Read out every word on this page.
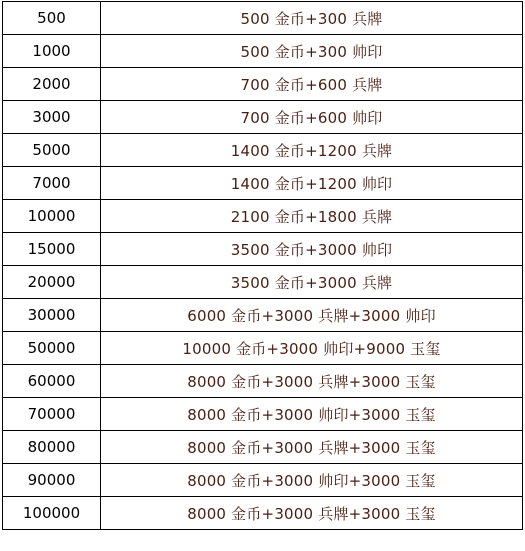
500	500 金币+300 兵牌
1000	500 金币+300 帅印
2000	700 金币+600 兵牌
3000	700 金币+600 帅印
5000	1400 金币+1200 兵牌
7000	1400 金币+1200 帅印
10000	2100 金币+1800 兵牌
15000	3500 金币+3000 帅印
20000	3500 金币+3000 兵牌
30000	6000 金币+3000 兵牌+3000 帅印
50000	10000 金币+3000 帅印+9000 玉玺
60000	8000 金币+3000 兵牌+3000 玉玺
70000	8000 金币+3000 帅印+3000 玉玺
80000	8000 金币+3000 兵牌+3000 玉玺
90000	8000 金币+3000 帅印+3000 玉玺
100000	8000 金币+3000 兵牌+3000 玉玺
